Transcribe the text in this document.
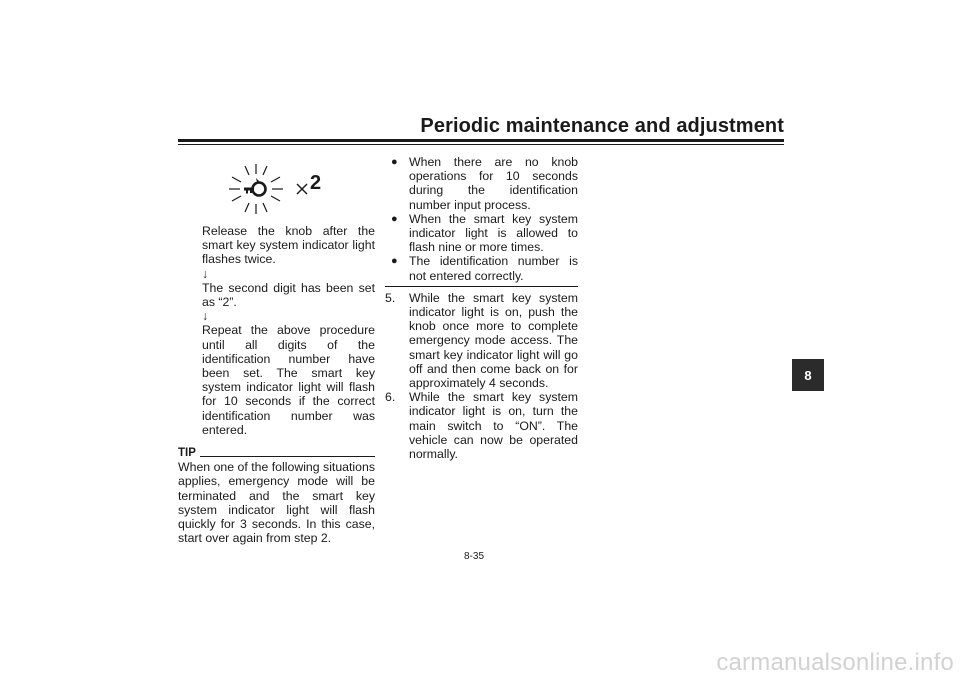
Periodic maintenance and adjustment
2
Release the knob after the smart key system indicator light flashes twice.
↓
The second digit has been set as “2”.
↓
Repeat the above procedure until all digits of the identification number have been set. The smart key system indicator light will flash for 10 seconds if the correct identification number was entered.
TIP
When one of the following situations applies, emergency mode will be terminated and the smart key system indicator light will flash quickly for 3 seconds. In this case, start over again from step 2.
● When there are no knob operations for 10 seconds during the identification number input process.
● When the smart key system indicator light is allowed to flash nine or more times.
● The identification number is not entered correctly.
5. While the smart key system indicator light is on, push the knob once more to complete emergency mode access. The smart key indicator light will go off and then come back on for approximately 4 seconds.
6. While the smart key system indicator light is on, turn the main switch to “ON”. The vehicle can now be operated normally.
8
8-35
carmanualsonline.info
